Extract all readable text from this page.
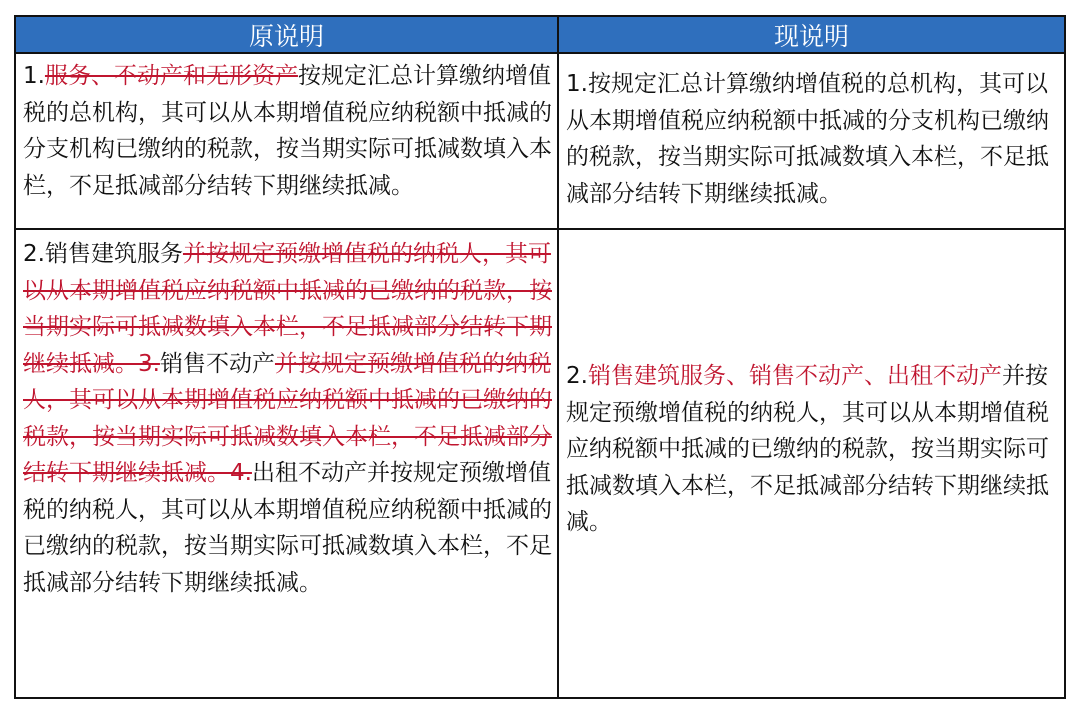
原说明	现说明
1.服务、不动产和无形资产按规定汇总计算缴纳增值税的总机构，其可以从本期增值税应纳税额中抵减的分支机构已缴纳的税款，按当期实际可抵减数填入本栏，不足抵减部分结转下期继续抵减。
1.按规定汇总计算缴纳增值税的总机构，其可以从本期增值税应纳税额中抵减的分支机构已缴纳的税款，按当期实际可抵减数填入本栏，不足抵减部分结转下期继续抵减。
2.销售建筑服务并按规定预缴增值税的纳税人，其可以从本期增值税应纳税额中抵减的已缴纳的税款，按当期实际可抵减数填入本栏，不足抵减部分结转下期继续抵减。3.销售不动产并按规定预缴增值税的纳税人，其可以从本期增值税应纳税额中抵减的已缴纳的税款，按当期实际可抵减数填入本栏，不足抵减部分结转下期继续抵减。4.出租不动产并按规定预缴增值税的纳税人，其可以从本期增值税应纳税额中抵减的已缴纳的税款，按当期实际可抵减数填入本栏，不足抵减部分结转下期继续抵减。
2.销售建筑服务、销售不动产、出租不动产并按规定预缴增值税的纳税人，其可以从本期增值税应纳税额中抵减的已缴纳的税款，按当期实际可抵减数填入本栏，不足抵减部分结转下期继续抵减。
